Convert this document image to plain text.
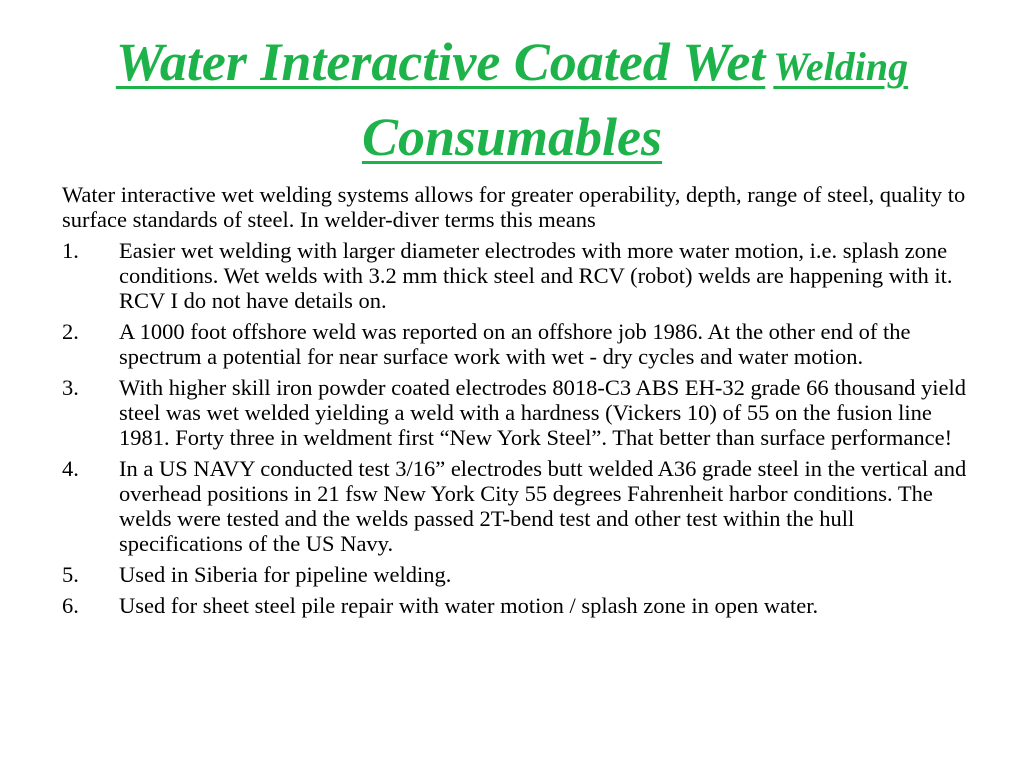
Water Interactive Coated Wet Welding
Consumables

Water interactive wet welding systems allows for greater operability, depth, range of steel, quality to surface standards of steel. In welder-diver terms this means

1.	Easier wet welding with larger diameter electrodes with more water motion, i.e. splash zone conditions. Wet welds with 3.2 mm thick steel and RCV (robot) welds are happening with it. RCV I do not have details on.
2.	A 1000 foot offshore weld was reported on an offshore job 1986. At the other end of the spectrum a potential for near surface work with wet - dry cycles and water motion.
3.	With higher skill iron powder coated electrodes 8018-C3 ABS EH-32 grade 66 thousand yield steel was wet welded yielding a weld with a hardness (Vickers 10) of 55 on the fusion line 1981. Forty three in weldment first “New York Steel”. That better than surface performance!
4.	In a US NAVY conducted test 3/16” electrodes butt welded A36 grade steel in the vertical and overhead positions in 21 fsw New York City 55 degrees Fahrenheit harbor conditions. The welds were tested and the welds passed 2T-bend test and other test within the hull specifications of the US Navy.
5.	Used in Siberia for pipeline welding.
6.	Used for sheet steel pile repair with water motion / splash zone in open water.
